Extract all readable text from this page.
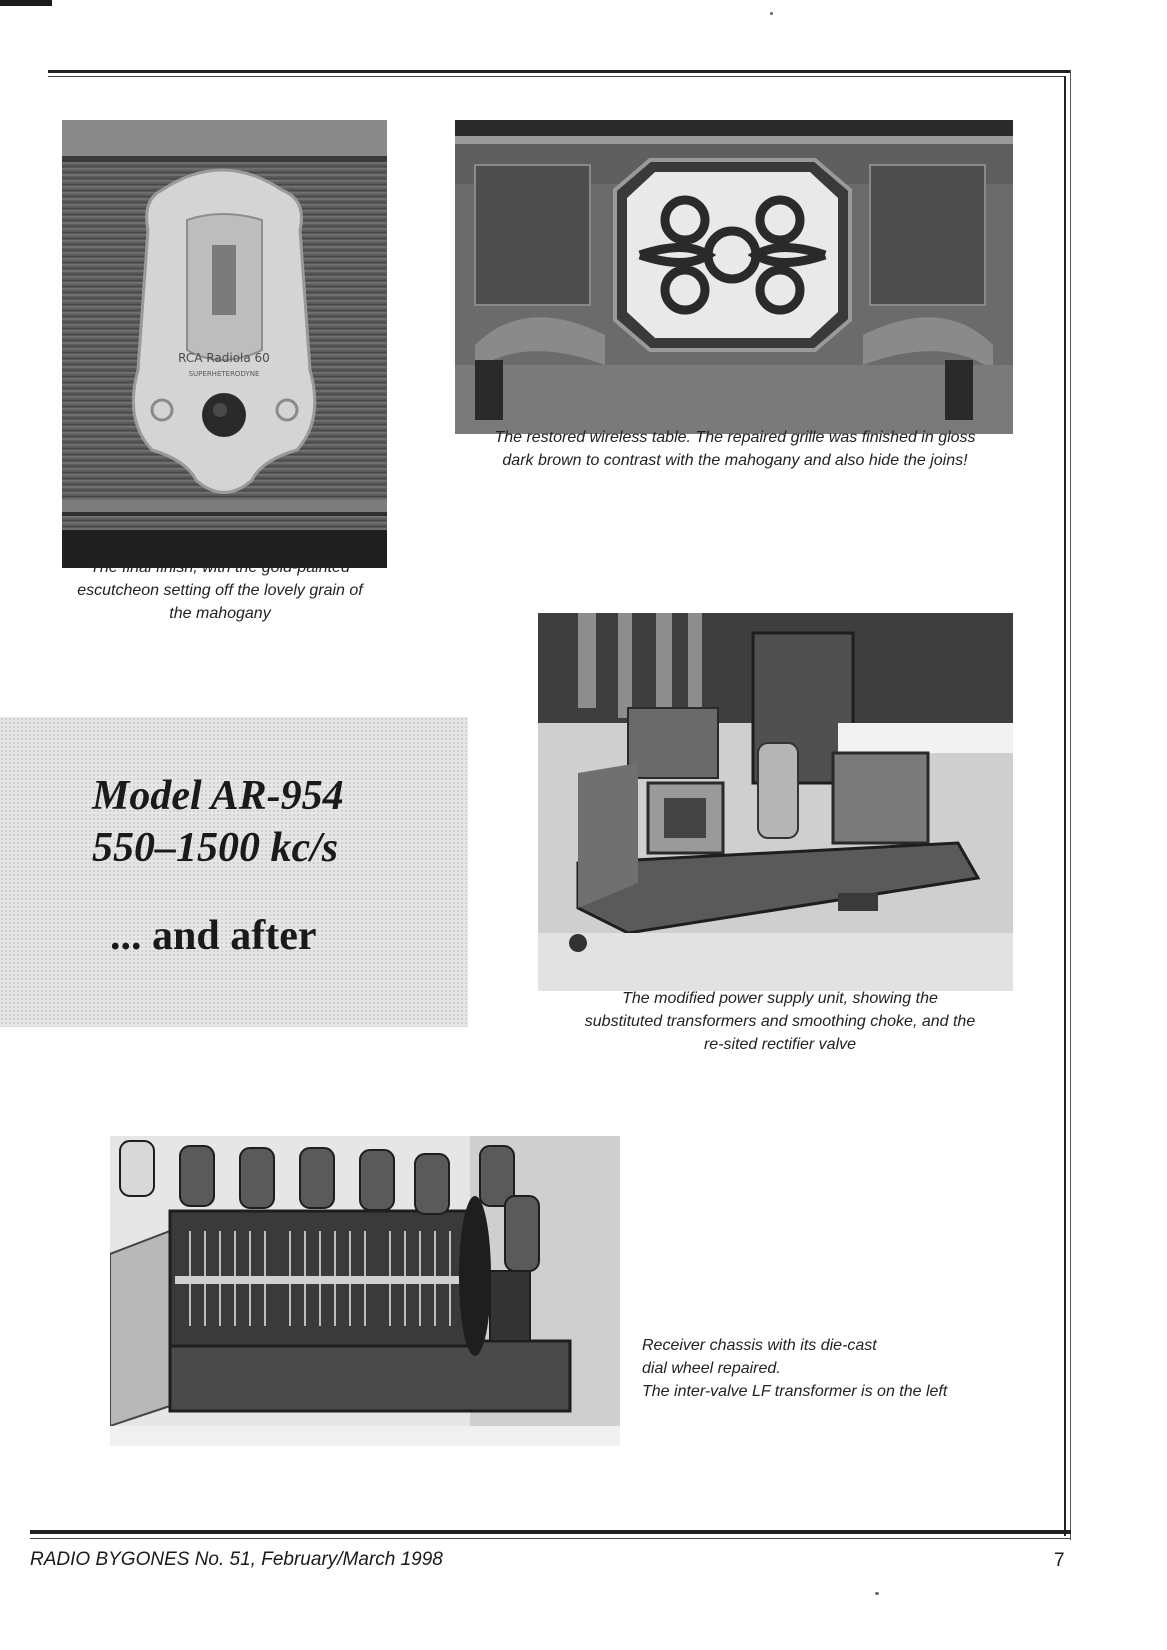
RCA Radiola 60
SUPERHETERODYNE
The final finish, with the gold-painted
escutcheon setting off the lovely grain of
the mahogany
The restored wireless table. The repaired grille was finished in gloss
dark brown to contrast with the mahogany and also hide the joins!
Model AR-954
550–1500 kc/s
... and after
The modified power supply unit, showing the
substituted transformers and smoothing choke, and the
re-sited rectifier valve
Receiver chassis with its die-cast
dial wheel repaired.
The inter-valve LF transformer is on the left
RADIO BYGONES No. 51, February/March 1998	7
